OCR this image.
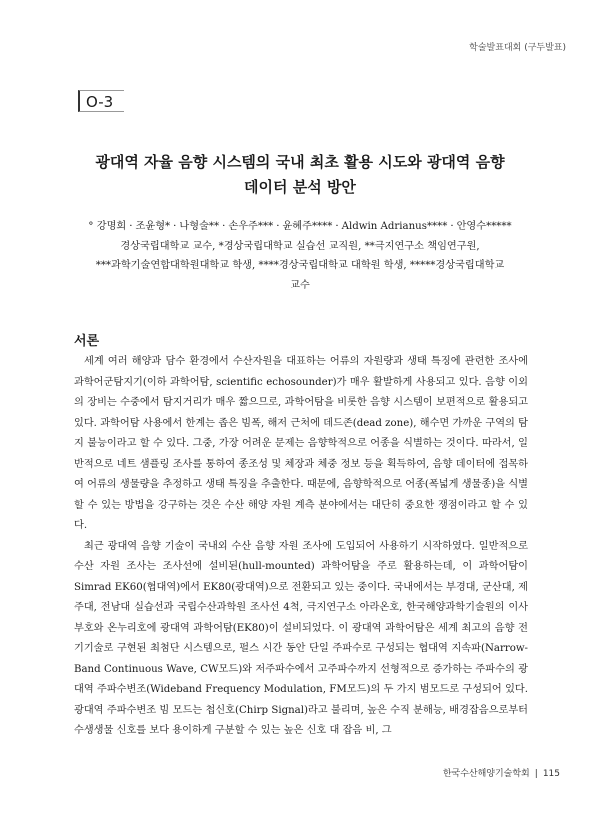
학술발표대회 (구두발표)
O-3
광대역 자율 음향 시스템의 국내 최초 활용 시도와 광대역 음향
데이터 분석 방안
° 강명희 · 조윤형* · 나형술** · 손우주*** · 윤혜주**** · Aldwin Adrianus**** · 안영수*****
경상국립대학교 교수, *경상국립대학교 실습선 교직원, **극지연구소 책임연구원,
***과학기술연합대학원대학교 학생, ****경상국립대학교 대학원 학생, *****경상국립대학교
교수
서론

세계 여러 해양과 담수 환경에서 수산자원을 대표하는 어류의 자원량과 생태 특징에 관련한 조사에 과학어군탐지기(이하 과학어탐, scientific echosounder)가 매우 활발하게 사용되고 있다. 음향 이외의 장비는 수중에서 탐지거리가 매우 짧으므로, 과학어탐을 비롯한 음향 시스템이 보편적으로 활용되고 있다. 과학어탐 사용에서 한계는 좁은 빔폭, 해저 근처에 데드존(dead zone), 해수면 가까운 구역의 탐지 불능이라고 할 수 있다. 그중, 가장 어려운 문제는 음향학적으로 어종을 식별하는 것이다. 따라서, 일반적으로 네트 샘플링 조사를 통하여 종조성 및 체장과 체중 정보 등을 획득하여, 음향 데이터에 접목하여 어류의 생물량을 추정하고 생태 특징을 추출한다. 때문에, 음향학적으로 어종(폭넓게 생물종)을 식별할 수 있는 방법을 강구하는 것은 수산 해양 자원 계측 분야에서는 대단히 중요한 쟁점이라고 할 수 있다.

최근 광대역 음향 기술이 국내외 수산 음향 자원 조사에 도입되어 사용하기 시작하였다. 일반적으로 수산 자원 조사는 조사선에 설비된(hull-mounted) 과학어탐을 주로 활용하는데, 이 과학어탐이 Simrad EK60(협대역)에서 EK80(광대역)으로 전환되고 있는 중이다. 국내에서는 부경대, 군산대, 제주대, 전남대 실습선과 국립수산과학원 조사선 4척, 극지연구소 아라온호, 한국해양과학기술원의 이사부호와 온누리호에 광대역 과학어탐(EK80)이 설비되었다. 이 광대역 과학어탐은 세계 최고의 음향 전기기술로 구현된 최첨단 시스템으로, 펄스 시간 동안 단일 주파수로 구성되는 협대역 지속파(Narrow-Band Continuous Wave, CW모드)와 저주파수에서 고주파수까지 선형적으로 증가하는 주파수의 광대역 주파수변조(Wideband Frequency Modulation, FM모드)의 두 가지 범모드로 구성되어 있다. 광대역 주파수변조 빔 모드는 첩신호(Chirp Signal)라고 불리며, 높은 수직 분해능, 배경잡음으로부터 수생생물 신호를 보다 용이하게 구분할 수 있는 높은 신호 대 잡음 비, 그

한국수산해양기술학회 | 115
